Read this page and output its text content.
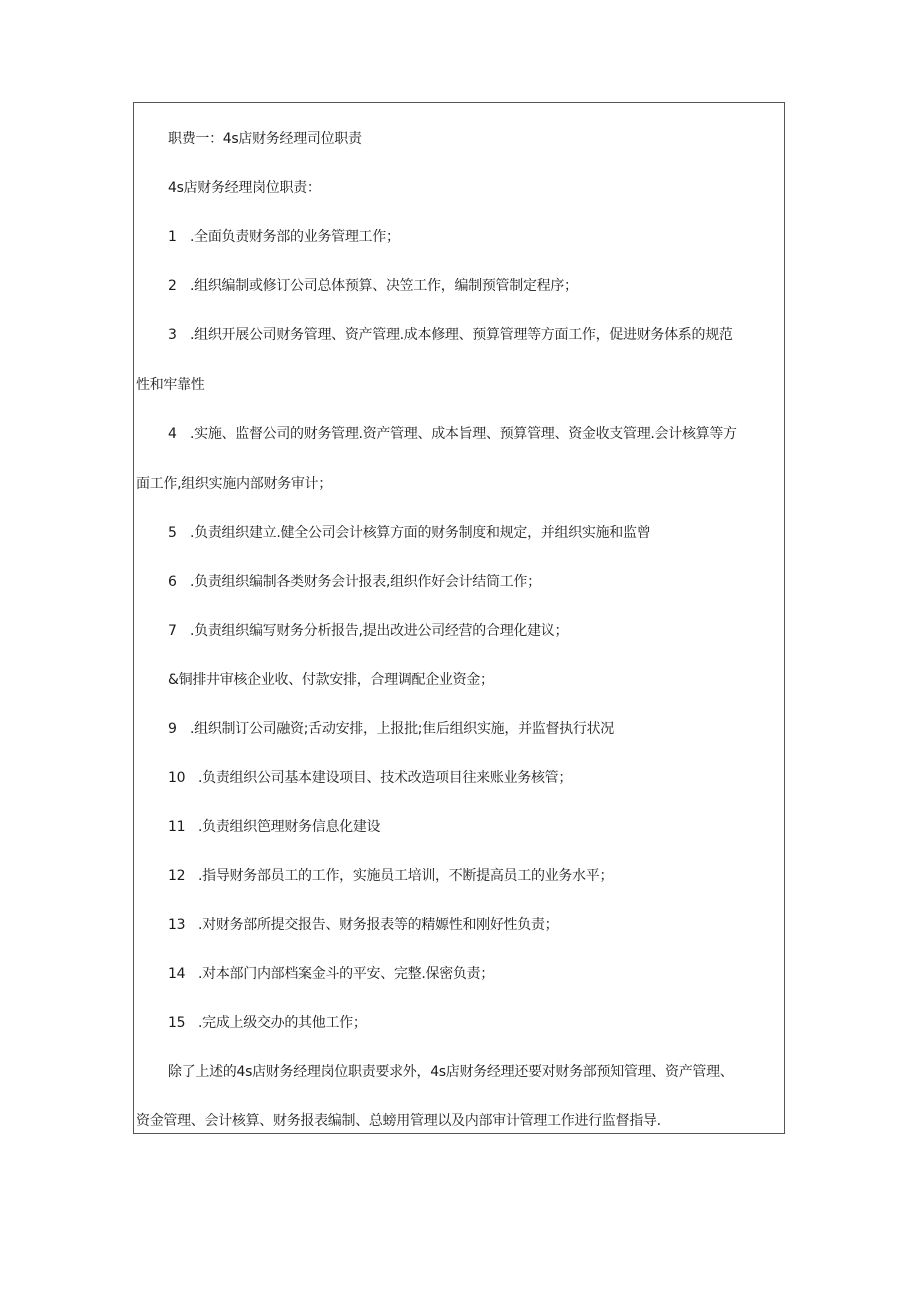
职费一：4s店财务经理司位职责
4s店财务经理岗位职责：
1 .全面负责财务部的业务管理工作；
2 .组织编制或修订公司总体预算、决笠工作，编制预管制定程序；
3 .组织开展公司财务管理、资产管理.成本修理、预算管理等方面工作，促进财务体系的规范
性和牢靠性
4 .实施、监督公司的财务管理.资产管理、成本旨理、预算管理、资金收支管理.会计核算等方
面工作,组织实施内部财务审计；
5 .负责组织建立.健全公司会计核算方面的财务制度和规定，并组织实施和监曾
6 .负责组织编制各类财务会计报表,组织作好会计结筒工作；
7 .负责组织编写财务分析报告,提出改进公司经营的合理化建议；
&铜排井审核企业收、付款安排，合理调配企业资金；
9 .组织制订公司融资;舌动安排，上报批;隹后组织实施，并监督执行状况
10 .负责组织公司基本建设项目、技术改造项目往来账业务核管；
11 .负责组织笆理财务信息化建设
12 .指导财务部员工的工作，实施员工培训，不断提高员工的业务水平；
13 .对财务部所提交报告、财务报表等的精嫄性和刚好性负责；
14 .对本部门内部档案金斗的平安、完整.保密负责；
15 .完成上级交办的其他工作；
除了上述的4s店财务经理岗位职责要求外，4s店财务经理还要对财务部预知管理、资产管理、
资金管理、会计核算、财务报表编制、总螃用管理以及内部审计管理工作进行监督指导.
